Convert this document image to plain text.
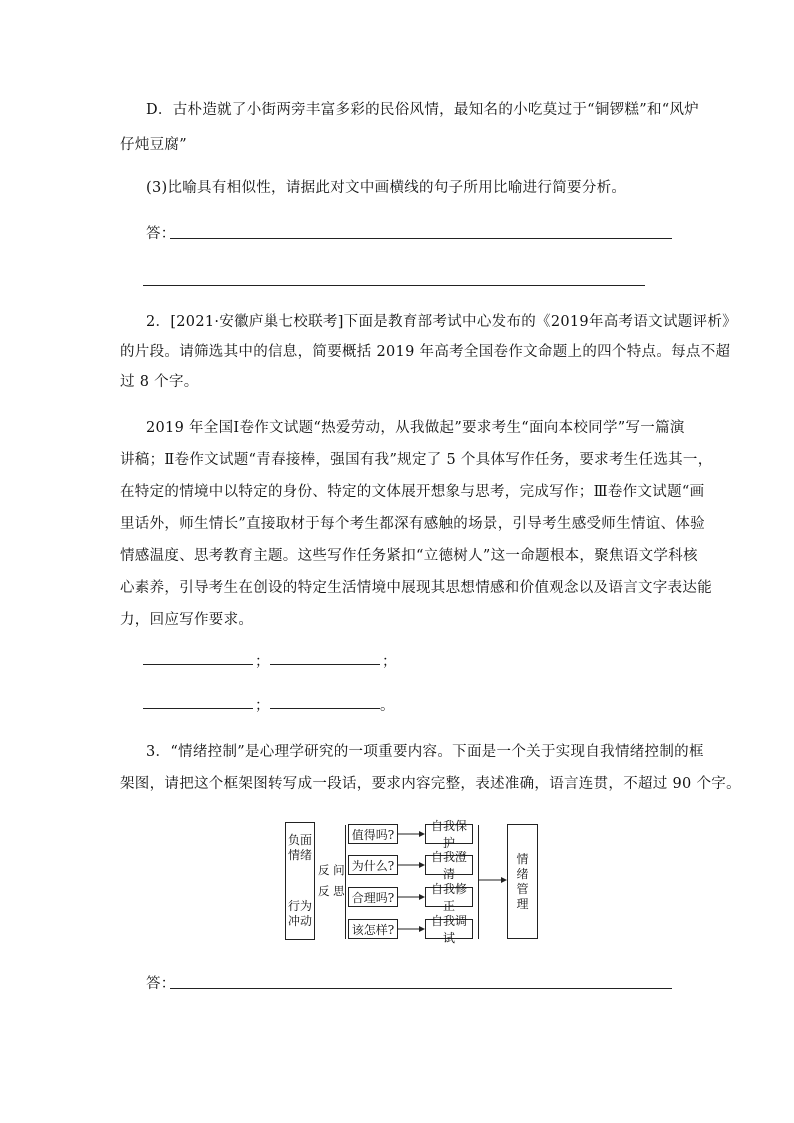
D．古朴造就了小街两旁丰富多彩的民俗风情，最知名的小吃莫过于“铜锣糕”和“风炉
仔炖豆腐”
(3)比喻具有相似性，请据此对文中画横线的句子所用比喻进行简要分析。
答：
2．[2021·安徽庐巢七校联考]下面是教育部考试中心发布的《2019年高考语文试题评析》
的片段。请筛选其中的信息，简要概括 2019 年高考全国卷作文命题上的四个特点。每点不超
过 8 个字。
2019 年全国Ⅰ卷作文试题“热爱劳动，从我做起”要求考生“面向本校同学”写一篇演
讲稿；Ⅱ卷作文试题“青春接棒，强国有我”规定了 5 个具体写作任务，要求考生任选其一，
在特定的情境中以特定的身份、特定的文体展开想象与思考，完成写作；Ⅲ卷作文试题“画
里话外，师生情长”直接取材于每个考生都深有感触的场景，引导考生感受师生情谊、体验
情感温度、思考教育主题。这些写作任务紧扣“立德树人”这一命题根本，聚焦语文学科核
心素养，引导考生在创设的特定生活情境中展现其思想情感和价值观念以及语言文字表达能
力，回应写作要求。
；	；
；	。
3．“情绪控制”是心理学研究的一项重要内容。下面是一个关于实现自我情绪控制的框
架图，请把这个框架图转写成一段话，要求内容完整，表述准确，语言连贯，不超过 90 个字。
负面
情绪
行为
冲动
反 问
反 思
值得吗?
为什么?
合理吗?
该怎样?
自我保护
自我澄清
自我修正
自我调试
情
绪
管
理
答：
